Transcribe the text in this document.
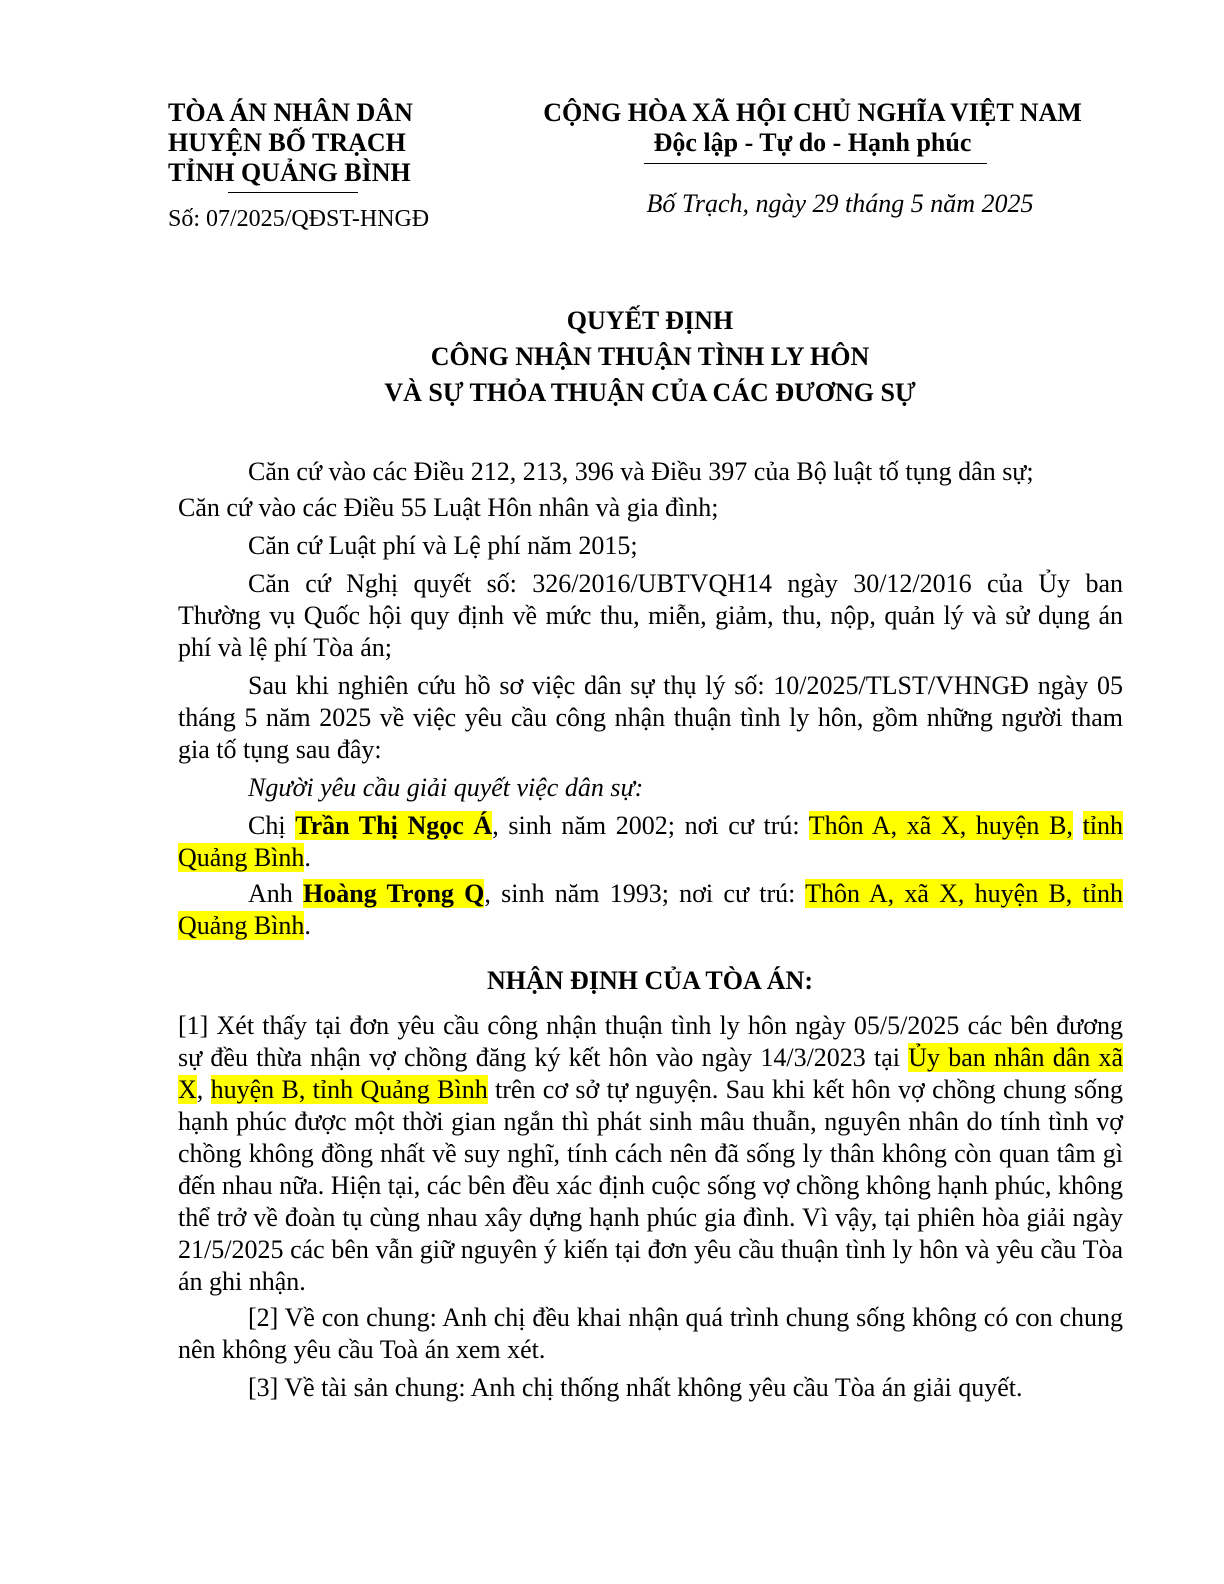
TÒA ÁN NHÂN DÂN
HUYỆN BỐ TRẠCH
TỈNH QUẢNG BÌNH
Số: 07/2025/QĐST-HNGĐ
CỘNG HÒA XÃ HỘI CHỦ NGHĨA VIỆT NAM
Độc lập - Tự do - Hạnh phúc
Bố Trạch, ngày 29 tháng 5 năm 2025
QUYẾT ĐỊNH
CÔNG NHẬN THUẬN TÌNH LY HÔN
VÀ SỰ THỎA THUẬN CỦA CÁC ĐƯƠNG SỰ
Căn cứ vào các Điều 212, 213, 396 và Điều 397 của Bộ luật tố tụng dân sự;
Căn cứ vào các Điều 55 Luật Hôn nhân và gia đình;
Căn cứ Luật phí và Lệ phí năm 2015;
Căn cứ Nghị quyết số: 326/2016/UBTVQH14 ngày 30/12/2016 của Ủy ban Thường vụ Quốc hội quy định về mức thu, miễn, giảm, thu, nộp, quản lý và sử dụng án phí và lệ phí Tòa án;
Sau khi nghiên cứu hồ sơ việc dân sự thụ lý số: 10/2025/TLST/VHNGĐ ngày 05 tháng 5 năm 2025 về việc yêu cầu công nhận thuận tình ly hôn, gồm những người tham gia tố tụng sau đây:
Người yêu cầu giải quyết việc dân sự:
Chị Trần Thị Ngọc Á, sinh năm 2002; nơi cư trú: Thôn A, xã X, huyện B, tỉnh Quảng Bình.
Anh Hoàng Trọng Q, sinh năm 1993; nơi cư trú: Thôn A, xã X, huyện B, tỉnh Quảng Bình.
NHẬN ĐỊNH CỦA TÒA ÁN:
[1] Xét thấy tại đơn yêu cầu công nhận thuận tình ly hôn ngày 05/5/2025 các bên đương sự đều thừa nhận vợ chồng đăng ký kết hôn vào ngày 14/3/2023 tại Ủy ban nhân dân xã X, huyện B, tỉnh Quảng Bình trên cơ sở tự nguyện. Sau khi kết hôn vợ chồng chung sống hạnh phúc được một thời gian ngắn thì phát sinh mâu thuẫn, nguyên nhân do tính tình vợ chồng không đồng nhất về suy nghĩ, tính cách nên đã sống ly thân không còn quan tâm gì đến nhau nữa. Hiện tại, các bên đều xác định cuộc sống vợ chồng không hạnh phúc, không thể trở về đoàn tụ cùng nhau xây dựng hạnh phúc gia đình. Vì vậy, tại phiên hòa giải ngày 21/5/2025 các bên vẫn giữ nguyên ý kiến tại đơn yêu cầu thuận tình ly hôn và yêu cầu Tòa án ghi nhận.
[2] Về con chung: Anh chị đều khai nhận quá trình chung sống không có con chung nên không yêu cầu Toà án xem xét.
[3] Về tài sản chung: Anh chị thống nhất không yêu cầu Tòa án giải quyết.
